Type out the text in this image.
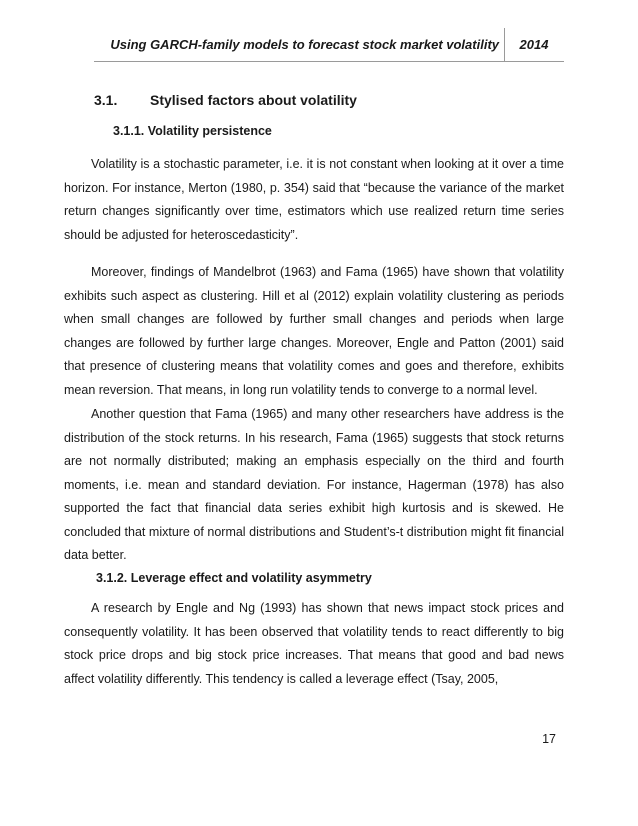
Using GARCH-family models to forecast stock market volatility	2014
3.1. Stylised factors about volatility
3.1.1. Volatility persistence

Volatility is a stochastic parameter, i.e. it is not constant when looking at it over a time horizon. For instance, Merton (1980, p. 354) said that “because the variance of the market return changes significantly over time, estimators which use realized return time series should be adjusted for heteroscedasticity”.

Moreover, findings of Mandelbrot (1963) and Fama (1965) have shown that volatility exhibits such aspect as clustering. Hill et al (2012) explain volatility clustering as periods when small changes are followed by further small changes and periods when large changes are followed by further large changes. Moreover, Engle and Patton (2001) said that presence of clustering means that volatility comes and goes and therefore, exhibits mean reversion. That means, in long run volatility tends to converge to a normal level.

Another question that Fama (1965) and many other researchers have address is the distribution of the stock returns. In his research, Fama (1965) suggests that stock returns are not normally distributed; making an emphasis especially on the third and fourth moments, i.e. mean and standard deviation. For instance, Hagerman (1978) has also supported the fact that financial data series exhibit high kurtosis and is skewed. He concluded that mixture of normal distributions and Student’s-t distribution might fit financial data better.

3.1.2. Leverage effect and volatility asymmetry

A research by Engle and Ng (1993) has shown that news impact stock prices and consequently volatility. It has been observed that volatility tends to react differently to big stock price drops and big stock price increases. That means that good and bad news affect volatility differently. This tendency is called a leverage effect (Tsay, 2005,

17
